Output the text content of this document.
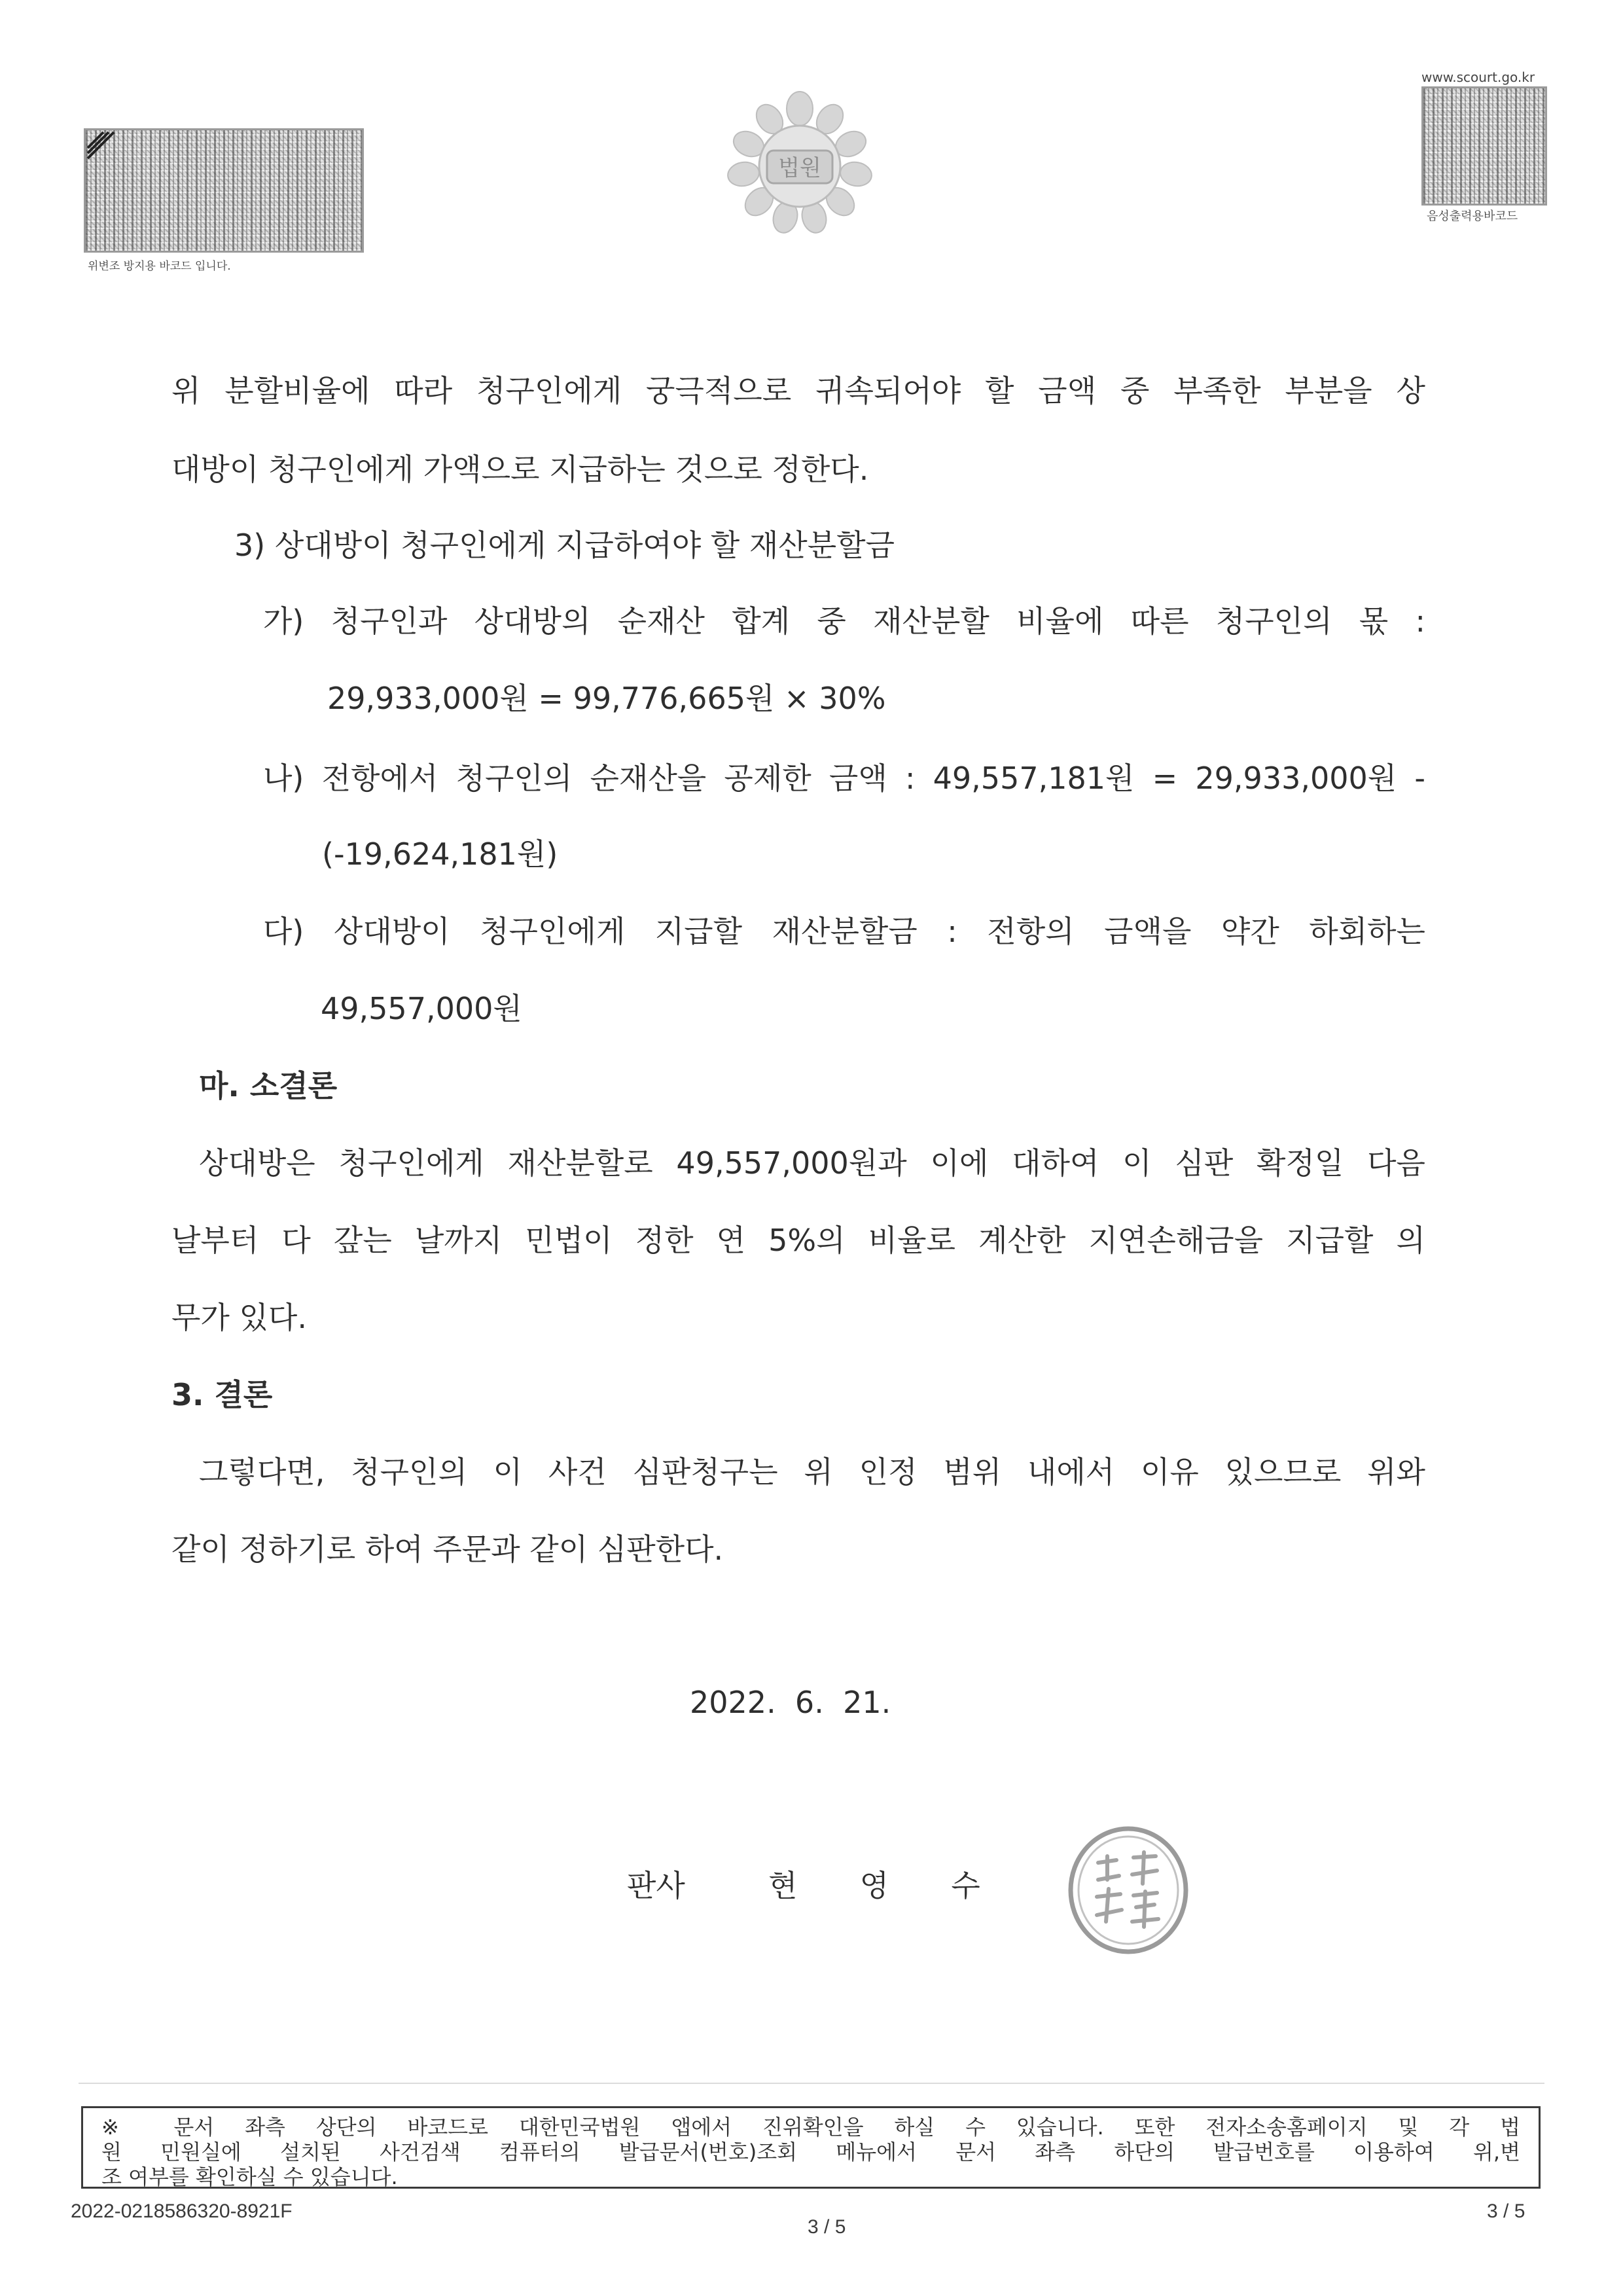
위변조 방지용 바코드 입니다.
법원
www.scourt.go.kr
음성출력용바코드
위 분할비율에 따라 청구인에게 궁극적으로 귀속되어야 할 금액 중 부족한 부분을 상
대방이 청구인에게 가액으로 지급하는 것으로 정한다.
3) 상대방이 청구인에게 지급하여야 할 재산분할금
가) 청구인과 상대방의 순재산 합계 중 재산분할 비율에 따른 청구인의 몫 :
29,933,000원 = 99,776,665원 × 30%
나) 전항에서 청구인의 순재산을 공제한 금액 : 49,557,181원 = 29,933,000원 -
(-19,624,181원)
다) 상대방이 청구인에게 지급할 재산분할금 : 전항의 금액을 약간 하회하는
49,557,000원
마. 소결론
상대방은 청구인에게 재산분할로 49,557,000원과 이에 대하여 이 심판 확정일 다음
날부터 다 갚는 날까지 민법이 정한 연 5%의 비율로 계산한 지연손해금을 지급할 의
무가 있다.
3. 결론
그렇다면, 청구인의 이 사건 심판청구는 위 인정 범위 내에서 이유 있으므로 위와
같이 정하기로 하여 주문과 같이 심판한다.
2022.  6.  21.
판사	현  영  수
※ 문서 좌측 상단의 바코드로 대한민국법원 앱에서 진위확인을 하실 수 있습니다. 또한 전자소송홈페이지 및 각 법
원 민원실에 설치된 사건검색 컴퓨터의 발급문서(번호)조회 메뉴에서 문서 좌측 하단의 발급번호를 이용하여 위,변
조 여부를 확인하실 수 있습니다.
2022-0218586320-8921F
3 / 5
3 / 5
